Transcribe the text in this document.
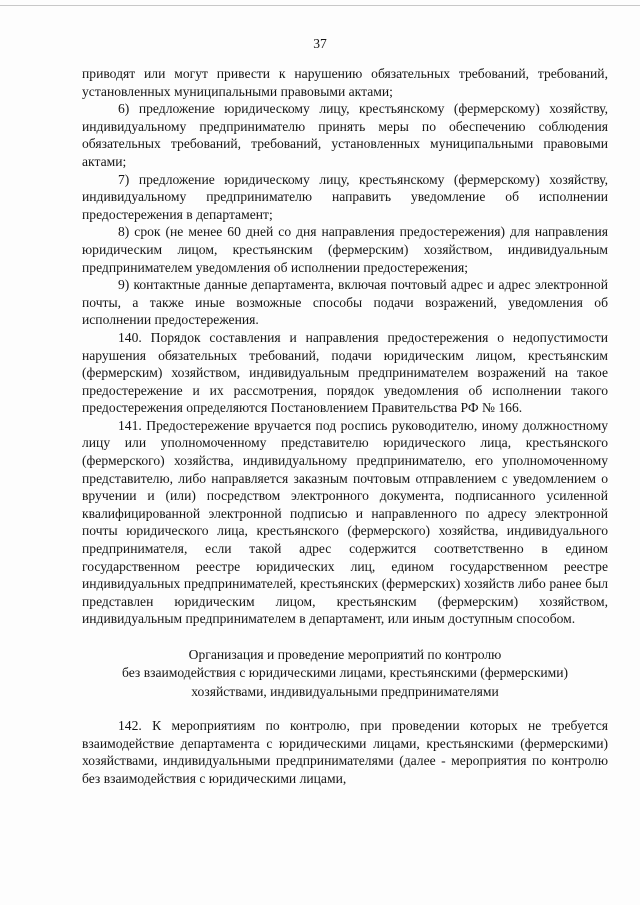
37

приводят или могут привести к нарушению обязательных требований, требований, установленных муниципальными правовыми актами;

6) предложение юридическому лицу, крестьянскому (фермерскому) хозяйству, индивидуальному предпринимателю принять меры по обеспечению соблюдения обязательных требований, требований, установленных муниципальными правовыми актами;

7) предложение юридическому лицу, крестьянскому (фермерскому) хозяйству, индивидуальному предпринимателю направить уведомление об исполнении предостережения в департамент;

8) срок (не менее 60 дней со дня направления предостережения) для направления юридическим лицом, крестьянским (фермерским) хозяйством, индивидуальным предпринимателем уведомления об исполнении предостережения;

9) контактные данные департамента, включая почтовый адрес и адрес электронной почты, а также иные возможные способы подачи возражений, уведомления об исполнении предостережения.

140. Порядок составления и направления предостережения о недопустимости нарушения обязательных требований, подачи юридическим лицом, крестьянским (фермерским) хозяйством, индивидуальным предпринимателем возражений на такое предостережение и их рассмотрения, порядок уведомления об исполнении такого предостережения определяются Постановлением Правительства РФ № 166.

141. Предостережение вручается под роспись руководителю, иному должностному лицу или уполномоченному представителю юридического лица, крестьянского (фермерского) хозяйства, индивидуальному предпринимателю, его уполномоченному представителю, либо направляется заказным почтовым отправлением с уведомлением о вручении и (или) посредством электронного документа, подписанного усиленной квалифицированной электронной подписью и направленного по адресу электронной почты юридического лица, крестьянского (фермерского) хозяйства, индивидуального предпринимателя, если такой адрес содержится соответственно в едином государственном реестре юридических лиц, едином государственном реестре индивидуальных предпринимателей, крестьянских (фермерских) хозяйств либо ранее был представлен юридическим лицом, крестьянским (фермерским) хозяйством, индивидуальным предпринимателем в департамент, или иным доступным способом.

Организация и проведение мероприятий по контролю
без взаимодействия с юридическими лицами, крестьянскими (фермерскими)
хозяйствами, индивидуальными предпринимателями

142. К мероприятиям по контролю, при проведении которых не требуется взаимодействие департамента с юридическими лицами, крестьянскими (фермерскими) хозяйствами, индивидуальными предпринимателями (далее - мероприятия по контролю без взаимодействия с юридическими лицами,
